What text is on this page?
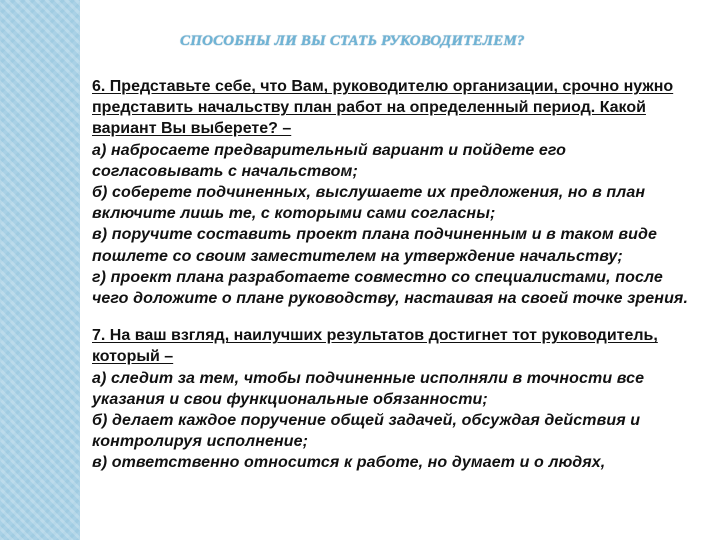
СПОСОБНЫ ЛИ ВЫ СТАТЬ РУКОВОДИТЕЛЕМ?
6. Представьте себе, что Вам, руководителю организации, срочно нужно представить начальству план работ на определенный период. Какой вариант Вы выберете? –
а) набросаете предварительный вариант и пойдете его согласовывать с начальством;
б) соберете подчиненных, выслушаете их предложения, но в план включите лишь те, с которыми сами согласны;
в) поручите составить проект плана подчиненным и в таком виде пошлете со своим заместителем на утверждение начальству;
г) проект плана разработаете совместно со специалистами, после чего доложите о плане руководству, настаивая на своей точке зрения.
7. На ваш взгляд, наилучших результатов достигнет тот руководитель, который –
а) следит за тем, чтобы подчиненные исполняли в точности все указания и свои функциональные обязанности;
б) делает каждое поручение общей задачей, обсуждая действия и контролируя исполнение;
в) ответственно относится к работе, но думает и о людях,
